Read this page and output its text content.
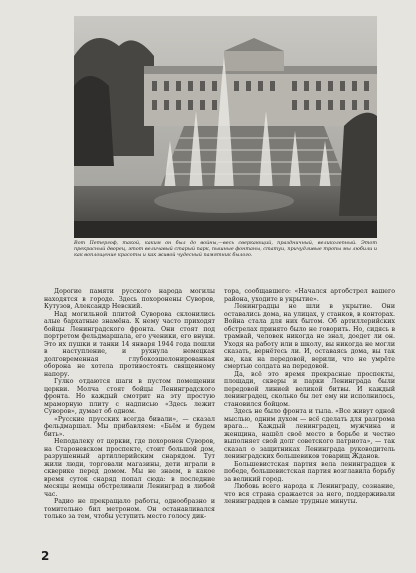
Вот Петергоф, такой, каким он был до войны,—весь сверкающий, праздничный, великолепный. Этот прекрасный дворец, этот величавый старый парк, пышные фонтаны, статуи, причудливые тропы мы любили и как воплощение красоты и как живой чудесный памятник былого.

Дорогие памяти русского народа могилы находятся в городе. Здесь похоронены Суворов, Кутузов, Александр Невский.

Над могильной плитой Суворова склонились алые бархатные знамёна. К нему часто приходят бойцы Ленинградского фронта. Они стоят под портретом фельдмаршала, его ученики, его внуки. Это их пушки и танки 14 января 1944 года пошли в наступление, и рухнула немецкая долговременная глубокоэшелонированная оборона не хотела противостоять священному напору.

Гулко отдаются шаги в пустом помещении церкви. Молча стоят бойцы Ленинградского фронта. Но каждый смотрит на эту простую мраморную плиту с надписью «Здесь лежит Суворов», думает об одном.

«Русские прусских всегда бивали», — сказал фельдмаршал. Мы прибавляем: «Бьём и будем бить».

Неподалеку от церкви, где похоронен Суворов, на Староневском проспекте, стоит большой дом, разрушенный артиллерийским снарядом. Тут жили люди, торговали магазины, дети играли в скверике перед домом. Мы не знаем, в какое время суток снаряд попал сюда: в последние месяцы немцы обстреливали Ленинград в любой час.

Радио не прекращало работы, однообразно и томительно бил метроном. Он останавливался только за тем, чтобы уступить место голосу дик-

тора, сообщавшего: «Начался артобстрел вашего района, уходите в укрытие».

Ленинградцы не шли в укрытие. Они оставались дома, на улицах, у станков, в конторах. Война стала для них бытом. Об артиллерийских обстрелах принято было не говорить. Но, сидясь в трамвай, человек никогда не знал, доедет ли он. Уходя на работу или в школу, вы никогда не могли сказать, вернётесь ли. И, оставаясь дома, вы так же, как на передовой, верили, что не умрёте смертью солдата на передовой.

Да, всё это время прекрасные проспекты, площади, скверы и парки Ленинграда были передовой линией великой битвы. И каждый ленинградец, сколько бы лет ему ни исполнилось, становился бойцом.

Здесь не было фронта и тыла. «Все живут одной мыслью, одним духом — всё сделать для разгрома врага... Каждый ленинградец, мужчина и женщина, нашёл своё место в борьбе и честно выполняет свой долг советского патриота», — так сказал о защитниках Ленинграда руководитель ленинградских большевиков товарищ Жданов.

Большевистская партия вела ленинградцев к победе, большевистская партия возглавила борьбу за великий город.

Любовь всего народа к Ленинграду, сознание, что вся страна сражается за него, поддерживали ленинградцев в самые трудные минуты.

2
